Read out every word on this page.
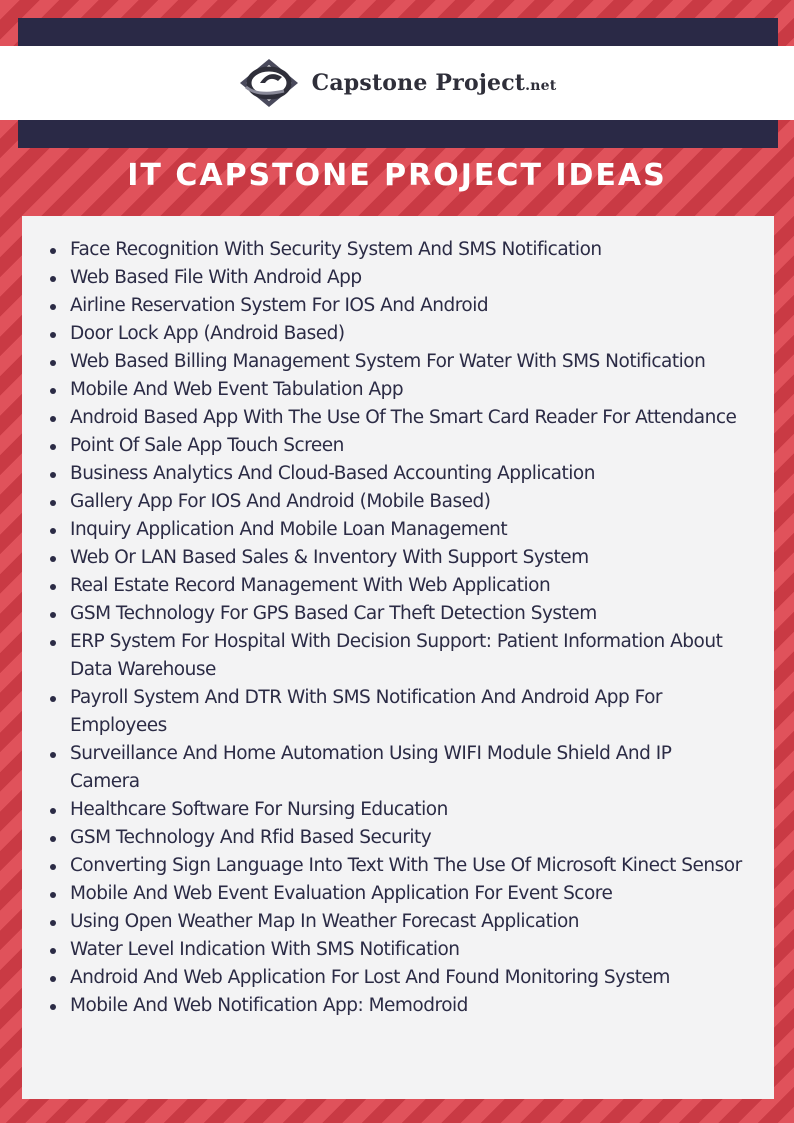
Capstone Project.net
IT CAPSTONE PROJECT IDEAS
Face Recognition With Security System And SMS Notification
Web Based File With Android App
Airline Reservation System For IOS And Android
Door Lock App (Android Based)
Web Based Billing Management System For Water With SMS Notification
Mobile And Web Event Tabulation App
Android Based App With The Use Of The Smart Card Reader For Attendance
Point Of Sale App Touch Screen
Business Analytics And Cloud-Based Accounting Application
Gallery App For IOS And Android (Mobile Based)
Inquiry Application And Mobile Loan Management
Web Or LAN Based Sales & Inventory With Support System
Real Estate Record Management With Web Application
GSM Technology For GPS Based Car Theft Detection System
ERP System For Hospital With Decision Support: Patient Information About Data Warehouse
Payroll System And DTR With SMS Notification And Android App For Employees
Surveillance And Home Automation Using WIFI Module Shield And IP Camera
Healthcare Software For Nursing Education
GSM Technology And Rfid Based Security
Converting Sign Language Into Text With The Use Of Microsoft Kinect Sensor
Mobile And Web Event Evaluation Application For Event Score
Using Open Weather Map In Weather Forecast Application
Water Level Indication With SMS Notification
Android And Web Application For Lost And Found Monitoring System
Mobile And Web Notification App: Memodroid
